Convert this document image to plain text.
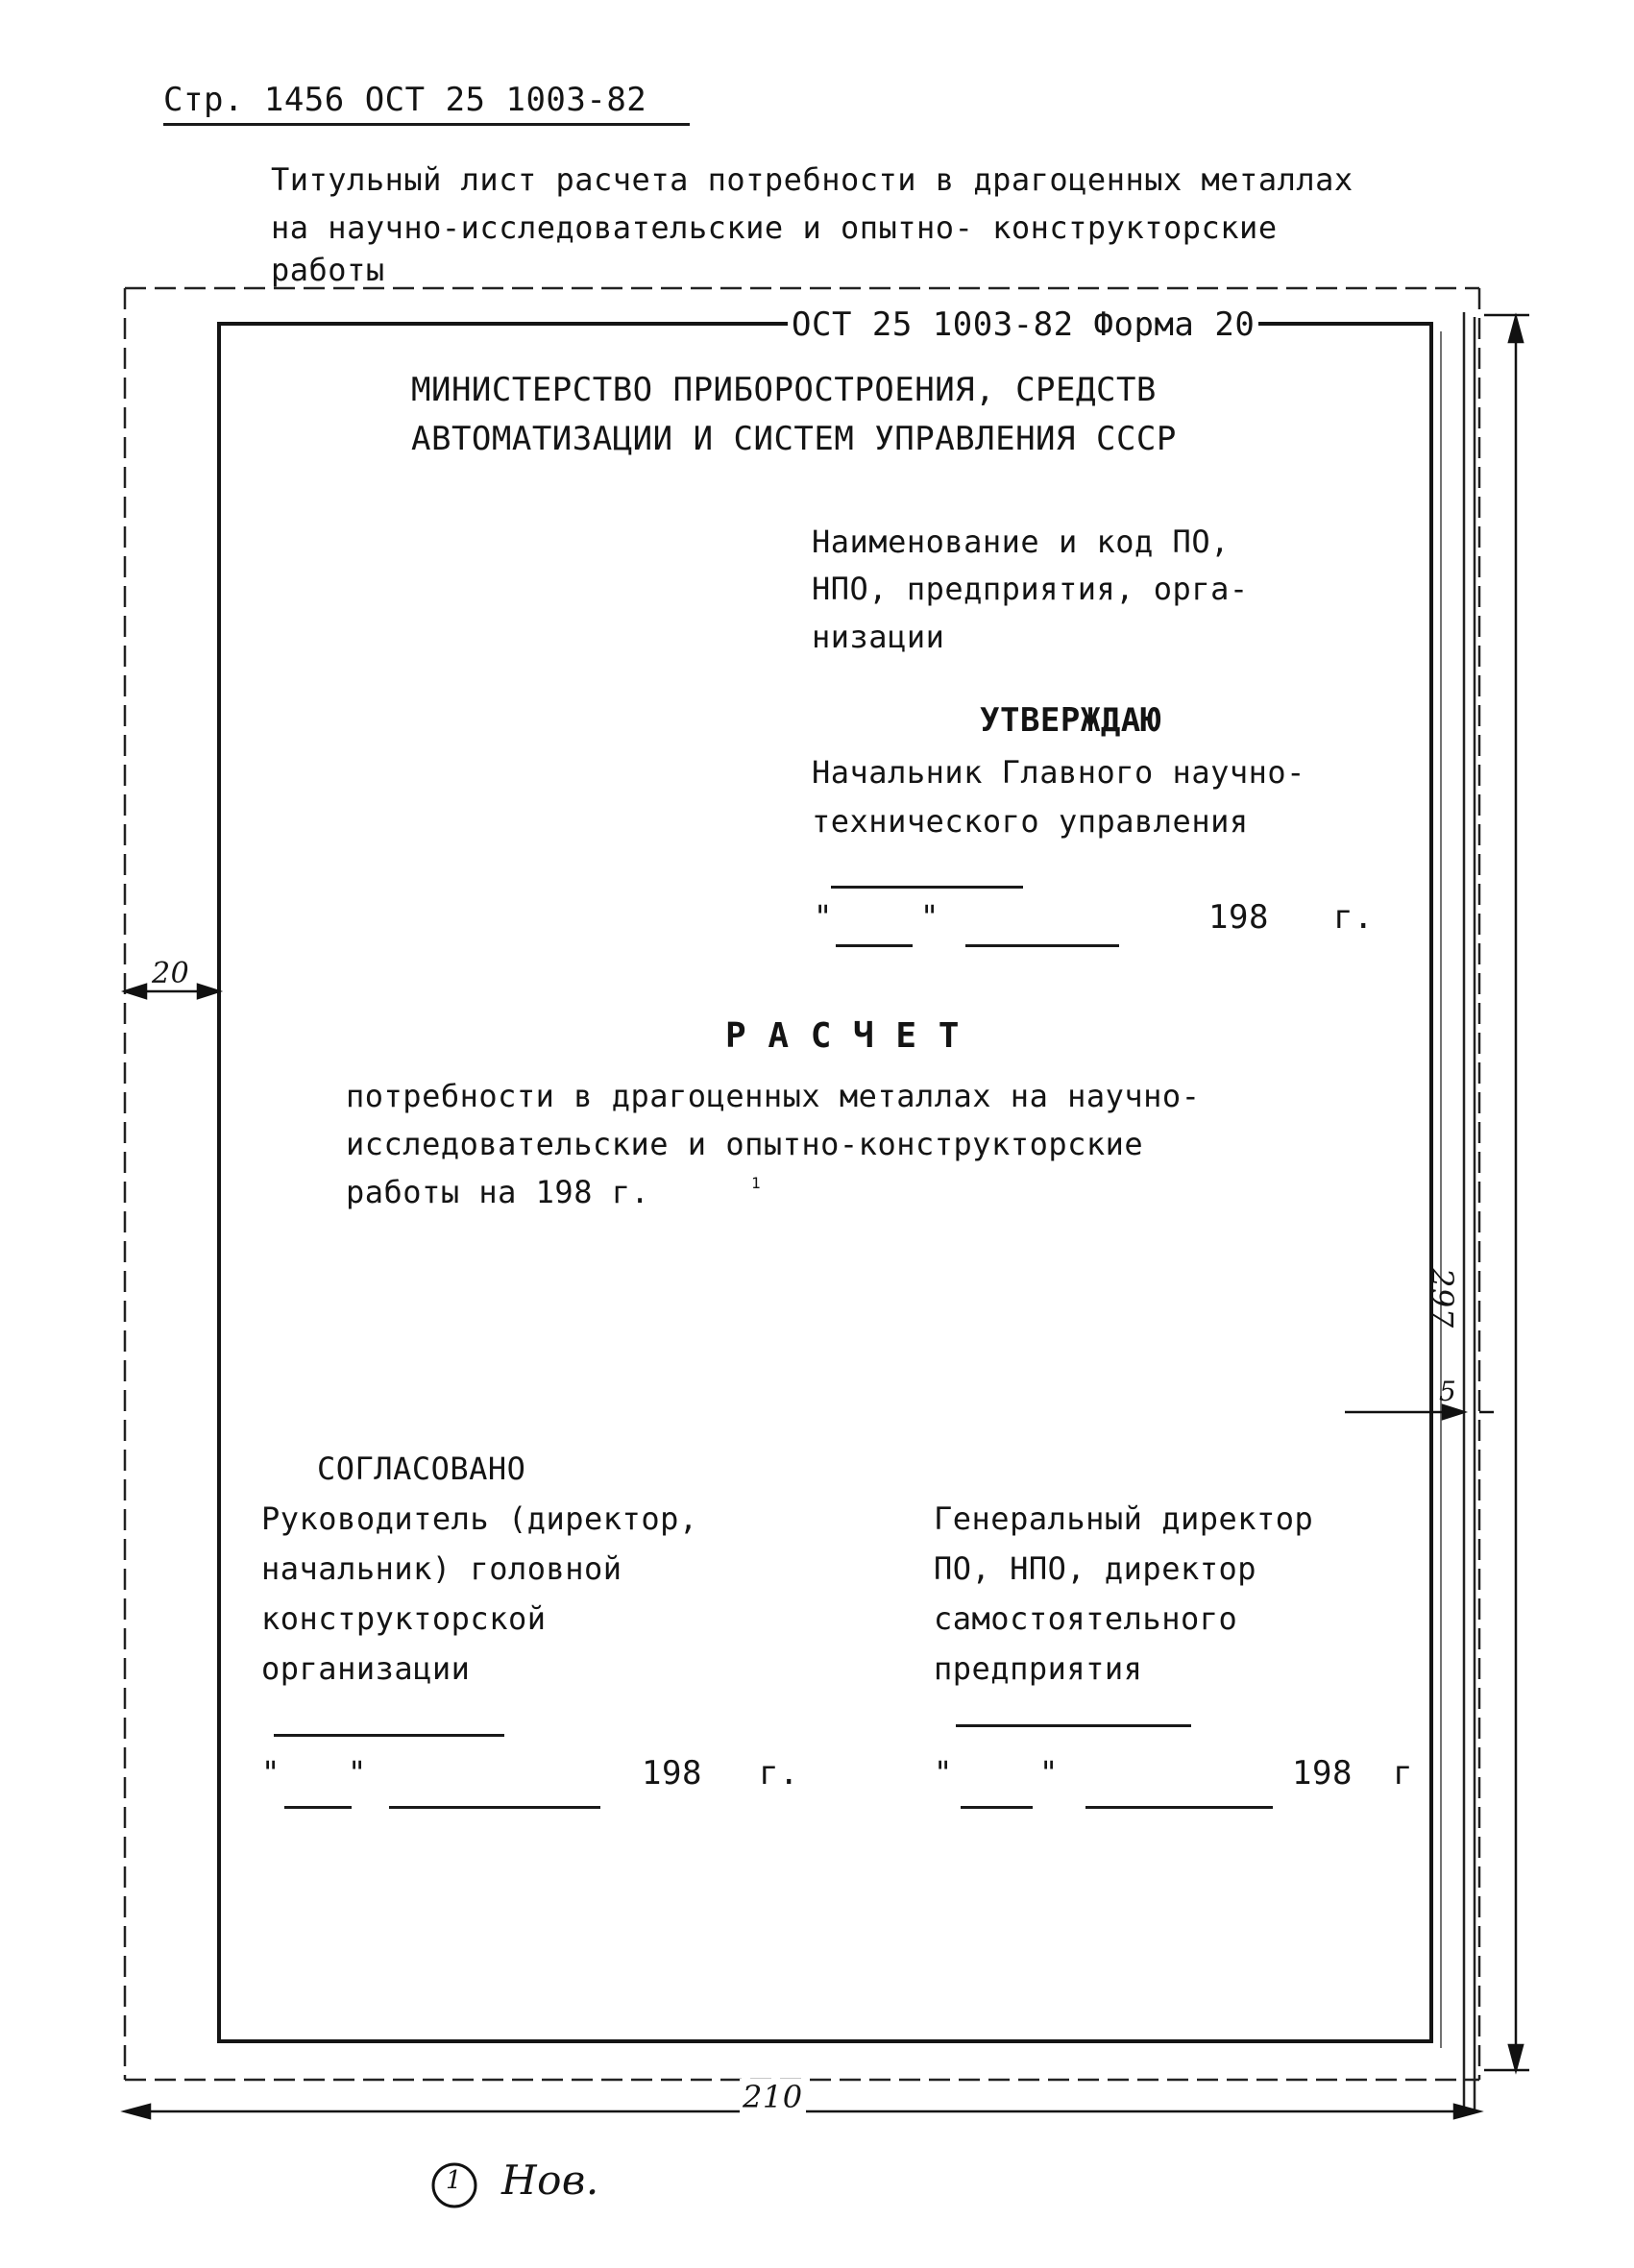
Стр. 1456 ОСТ 25 1003-82
Титульный лист расчета потребности в драгоценных металлах
на научно-исследовательские и опытно- конструкторские
работы
ОСТ 25 1003-82 Форма 20
МИНИСТЕРСТВО ПРИБОРОСТРОЕНИЯ, СРЕДСТВ
АВТОМАТИЗАЦИИ И СИСТЕМ УПРАВЛЕНИЯ СССР
Наименование и код ПО,
НПО, предприятия, орга-
низации
УТВЕРЖДАЮ
Начальник Главного научно-
технического управления
"	"	198 г.
Р А С Ч Е Т
потребности в драгоценных металлах на научно-
исследовательские и опытно-конструкторские
работы на 198 г.	1
СОГЛАСОВАНО
Руководитель (директор,
начальник) головной
конструкторской
организации
" "	198 г.
Генеральный директор
ПО, НПО, директор
самостоятельного
предприятия
"	"	198 г
20
297
5
210
1 Нов.
